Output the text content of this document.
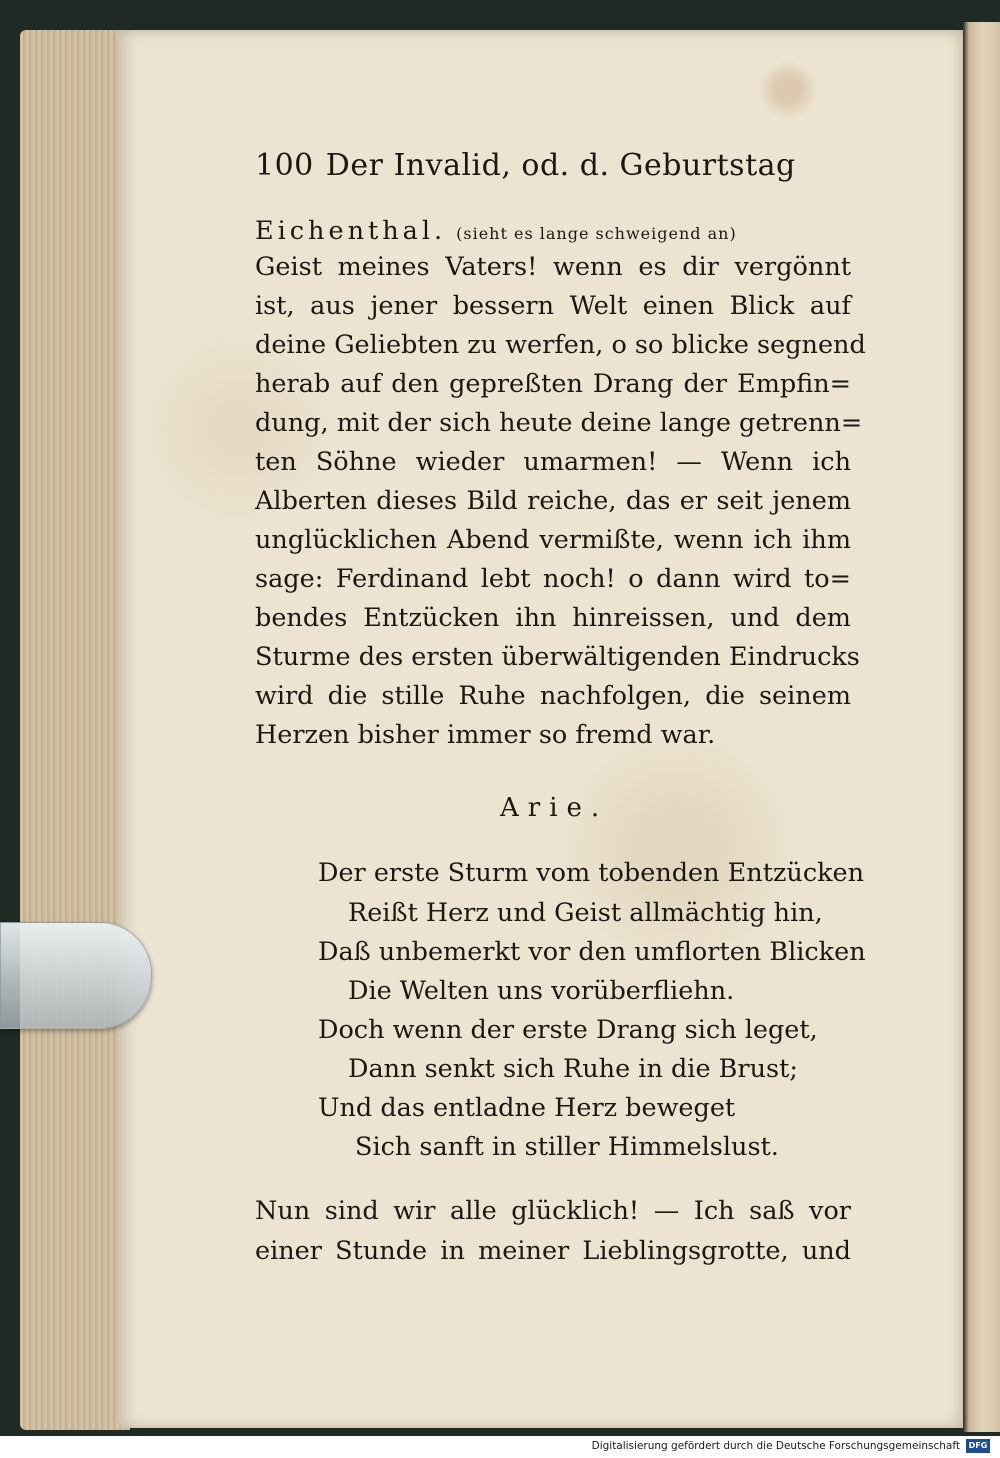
100 Der Invalid, od. d. Geburtstag
Eichenthal. (sieht es lange schweigend an)
Geist meines Vaters! wenn es dir vergönnt
ist, aus jener bessern Welt einen Blick auf
deine Geliebten zu werfen, o so blicke segnend
herab auf den gepreßten Drang der Empfin=
dung, mit der sich heute deine lange getrenn=
ten Söhne wieder umarmen! — Wenn ich
Alberten dieses Bild reiche, das er seit jenem
unglücklichen Abend vermißte, wenn ich ihm
sage: Ferdinand lebt noch! o dann wird to=
bendes Entzücken ihn hinreissen, und dem
Sturme des ersten überwältigenden Eindrucks
wird die stille Ruhe nachfolgen, die seinem
Herzen bisher immer so fremd war.
Arie.
Der erste Sturm vom tobenden Entzücken
Reißt Herz und Geist allmächtig hin,
Daß unbemerkt vor den umflorten Blicken
Die Welten uns vorüberfliehn.
Doch wenn der erste Drang sich leget,
Dann senkt sich Ruhe in die Brust;
Und das entladne Herz beweget
Sich sanft in stiller Himmelslust.
Nun sind wir alle glücklich! — Ich saß vor
einer Stunde in meiner Lieblingsgrotte, und
Digitalisierung gefördert durch die Deutsche Forschungsgemeinschaft	DFG
